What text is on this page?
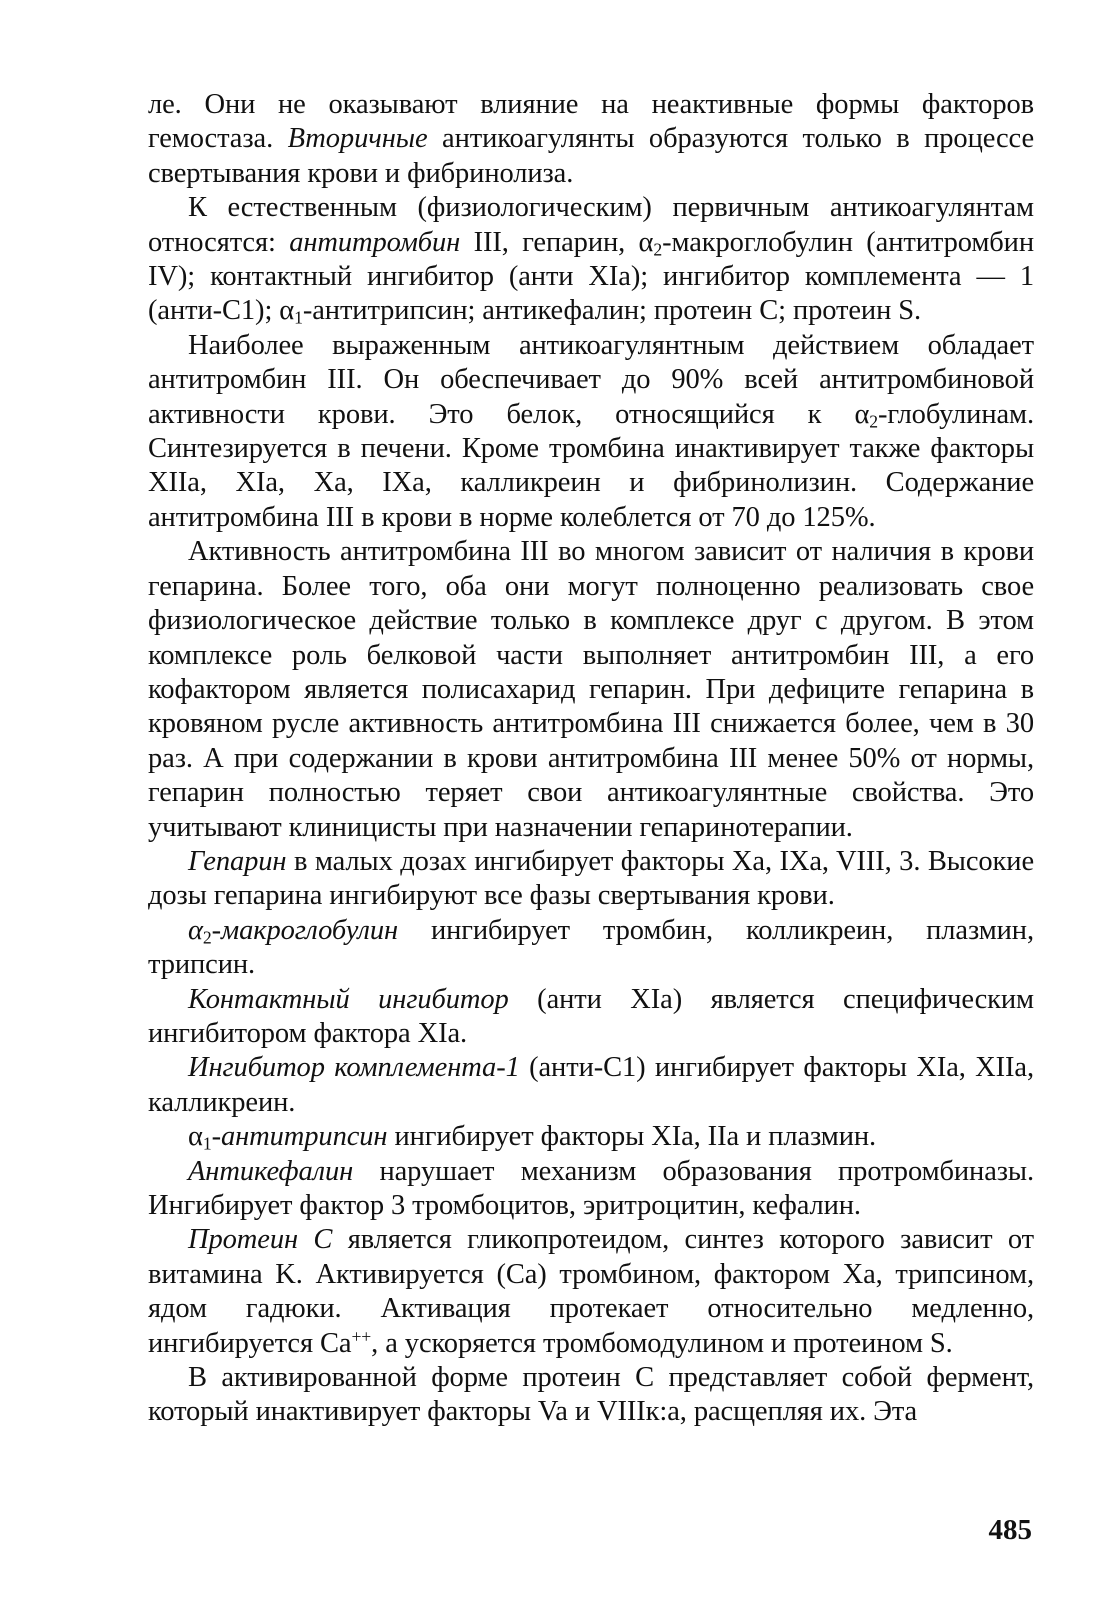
ле. Они не оказывают влияние на неактивные формы факторов гемостаза. Вторичные антикоагулянты образуются только в процессе свертывания крови и фибринолиза.

К естественным (физиологическим) первичным антикоагулянтам относятся: антитромбин III, гепарин, $\alpha_2$-макроглобулин (антитромбин IV); контактный ингибитор (анти XIa); ингибитор комплемента — 1 (анти-C1); $\alpha_1$-антитрипсин; антикефалин; протеин C; протеин S.

Наиболее выраженным антикоагулянтным действием обладает антитромбин III. Он обеспечивает до 90% всей антитромбиновой активности крови. Это белок, относящийся к $\alpha_2$-глобулинам. Синтезируется в печени. Кроме тромбина инактивирует также факторы XIIa, XIa, Xa, IXa, калликреин и фибринолизин. Содержание антитромбина III в крови в норме колеблется от 70 до 125%.

Активность антитромбина III во многом зависит от наличия в крови гепарина. Более того, оба они могут полноценно реализовать свое физиологическое действие только в комплексе друг с другом. В этом комплексе роль белковой части выполняет антитромбин III, а его кофактором является полисахарид гепарин. При дефиците гепарина в кровяном русле активность антитромбина III снижается более, чем в 30 раз. А при содержании в крови антитромбина III менее 50% от нормы, гепарин полностью теряет свои антикоагулянтные свойства. Это учитывают клиницисты при назначении гепаринотерапии.

Гепарин в малых дозах ингибирует факторы Xa, IXa, VIII, 3. Высокие дозы гепарина ингибируют все фазы свертывания крови.

$\alpha_2$-макроглобулин ингибирует тромбин, колликреин, плазмин, трипсин.

Контактный ингибитор (анти XIa) является специфическим ингибитором фактора XIa.

Ингибитор комплемента-1 (анти-C1) ингибирует факторы XIa, XIIa, калликреин.

$\alpha_1$-антитрипсин ингибирует факторы XIa, IIa и плазмин.

Антикефалин нарушает механизм образования протромбиназы. Ингибирует фактор 3 тромбоцитов, эритроцитин, кефалин.

Протеин C является гликопротеидом, синтез которого зависит от витамина K. Активируется (Ca) тромбином, фактором Xa, трипсином, ядом гадюки. Активация протекает относительно медленно, ингибируется Ca++, а ускоряется тромбомодулином и протеином S.

В активированной форме протеин C представляет собой фермент, который инактивирует факторы Va и VIIIк:a, расщепляя их. Эта

485
